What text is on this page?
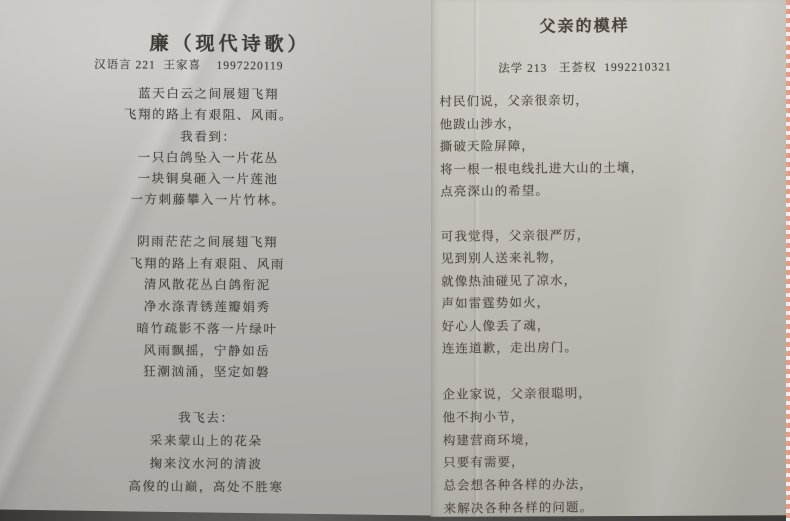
廉（现代诗歌）
汉语言 221  王家喜    1997220119
蓝天白云之间展翅飞翔
飞翔的路上有艰阻、风雨。
我看到：
一只白鸽坠入一片花丛
一块铜臭砸入一片莲池
一方刺藤攀入一片竹林。
阴雨茫茫之间展翅飞翔
飞翔的路上有艰阻、风雨
清风散花丛白鸽衔泥
净水涤青锈莲瓣娟秀
暗竹疏影不落一片绿叶
风雨飘摇，宁静如岳
狂潮汹涌，坚定如磐
我飞去：
采来蒙山上的花朵
掬来汶水河的清波
高俊的山巅，高处不胜寒
父亲的模样
法学 213   王荟权  1992210321
村民们说，父亲很亲切，
他跋山涉水，
撕破天险屏障，
将一根一根电线扎进大山的土壤，
点亮深山的希望。
可我觉得，父亲很严厉，
见到别人送来礼物，
就像热油碰见了凉水，
声如雷霆势如火，
好心人像丢了魂，
连连道歉，走出房门。
企业家说，父亲很聪明，
他不拘小节，
构建营商环境，
只要有需要，
总会想各种各样的办法，
来解决各种各样的问题。
